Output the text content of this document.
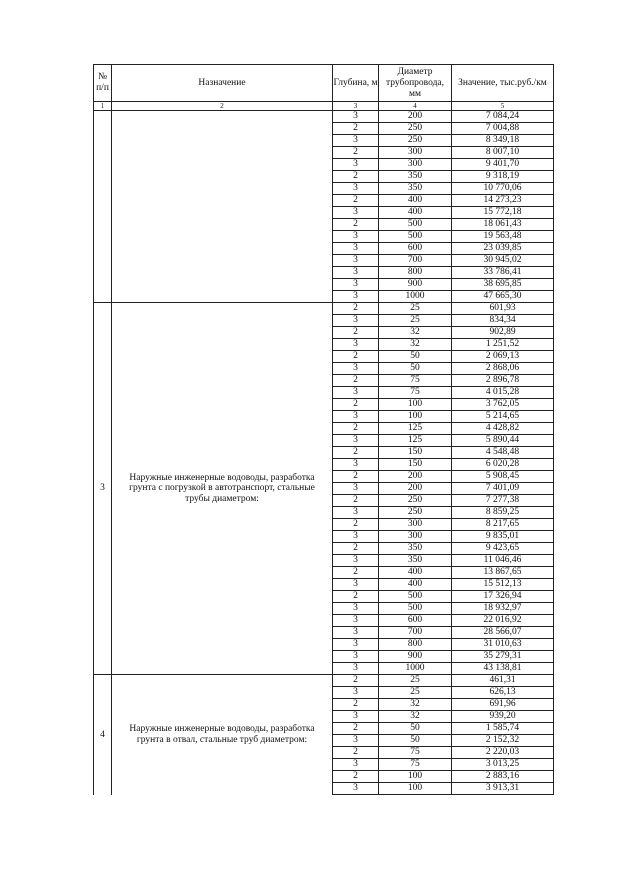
№ п/п	Назначение	Глубина, м	Диаметр трубопровода, мм	Значение, тыс.руб./км
1	2	3	4	5
		3	200	7 084,24
		2	250	7 004,88
		3	250	8 349,18
		2	300	8 007,10
		3	300	9 401,70
		2	350	9 318,19
		3	350	10 770,06
		2	400	14 273,23
		3	400	15 772,18
		2	500	18 061,43
		3	500	19 563,48
		3	600	23 039,85
		3	700	30 945,02
		3	800	33 786,41
		3	900	38 695,85
		3	1000	47 665,30
3	Наружные инженерные водоводы, разработка грунта с погрузкой в автотранспорт, стальные трубы диаметром:	2	25	601,93
		3	25	834,34
		2	32	902,89
		3	32	1 251,52
		2	50	2 069,13
		3	50	2 868,06
		2	75	2 896,78
		3	75	4 015,28
		2	100	3 762,05
		3	100	5 214,65
		2	125	4 428,82
		3	125	5 890,44
		2	150	4 548,48
		3	150	6 020,28
		2	200	5 908,45
		3	200	7 401,09
		2	250	7 277,38
		3	250	8 859,25
		2	300	8 217,65
		3	300	9 835,01
		2	350	9 423,65
		3	350	11 046,46
		2	400	13 867,65
		3	400	15 512,13
		2	500	17 326,94
		3	500	18 932,97
		3	600	22 016,92
		3	700	28 566,07
		3	800	31 010,63
		3	900	35 279,31
		3	1000	43 138,81
4	Наружные инженерные водоводы, разработка грунта в отвал, стальные труб диаметром:	2	25	461,31
		3	25	626,13
		2	32	691,96
		3	32	939,20
		2	50	1 585,74
		3	50	2 152,32
		2	75	2 220,03
		3	75	3 013,25
		2	100	2 883,16
		3	100	3 913,31
